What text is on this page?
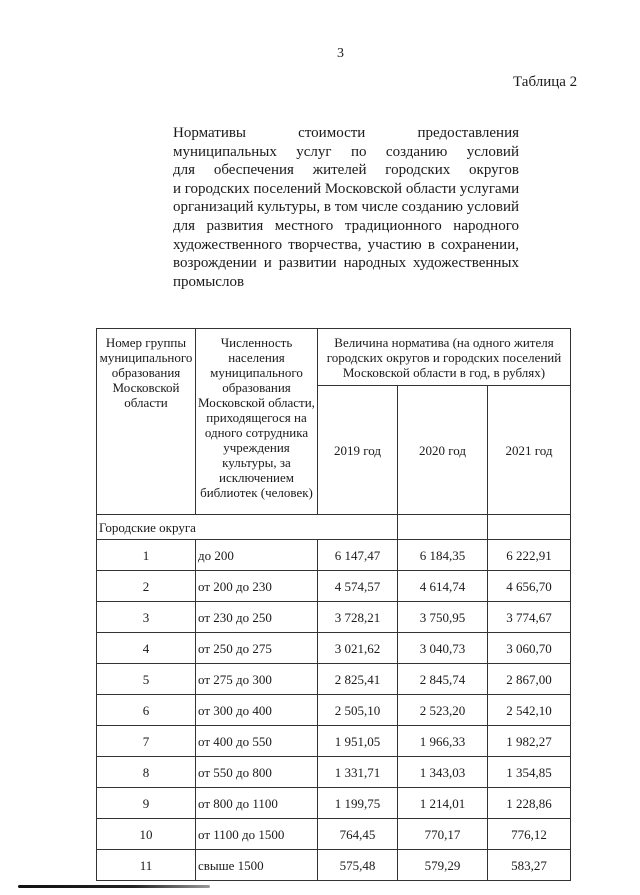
3
Таблица 2
Нормативы стоимости предоставления
муниципальных услуг по созданию условий
для обеспечения жителей городских округов
и городских поселений Московской области услугами
организаций культуры, в том числе созданию условий
для развития местного традиционного народного
художественного творчества, участию в сохранении,
возрождении и развитии народных художественных
промыслов
Номер группы муниципального образования Московской области	Численность населения муниципального образования Московской области, приходящегося на одного сотрудника учреждения культуры, за исключением библиотек (человек)	Величина норматива (на одного жителя городских округов и городских поселений Московской области в год, в рублях)		
		2019 год	2020 год	2021 год
Городские округа				
1	до 200	6 147,47	6 184,35	6 222,91
2	от 200 до 230	4 574,57	4 614,74	4 656,70
3	от 230 до 250	3 728,21	3 750,95	3 774,67
4	от 250 до 275	3 021,62	3 040,73	3 060,70
5	от 275 до 300	2 825,41	2 845,74	2 867,00
6	от 300 до 400	2 505,10	2 523,20	2 542,10
7	от 400 до 550	1 951,05	1 966,33	1 982,27
8	от 550 до 800	1 331,71	1 343,03	1 354,85
9	от 800 до 1100	1 199,75	1 214,01	1 228,86
10	от 1100 до 1500	764,45	770,17	776,12
11	свыше 1500	575,48	579,29	583,27
